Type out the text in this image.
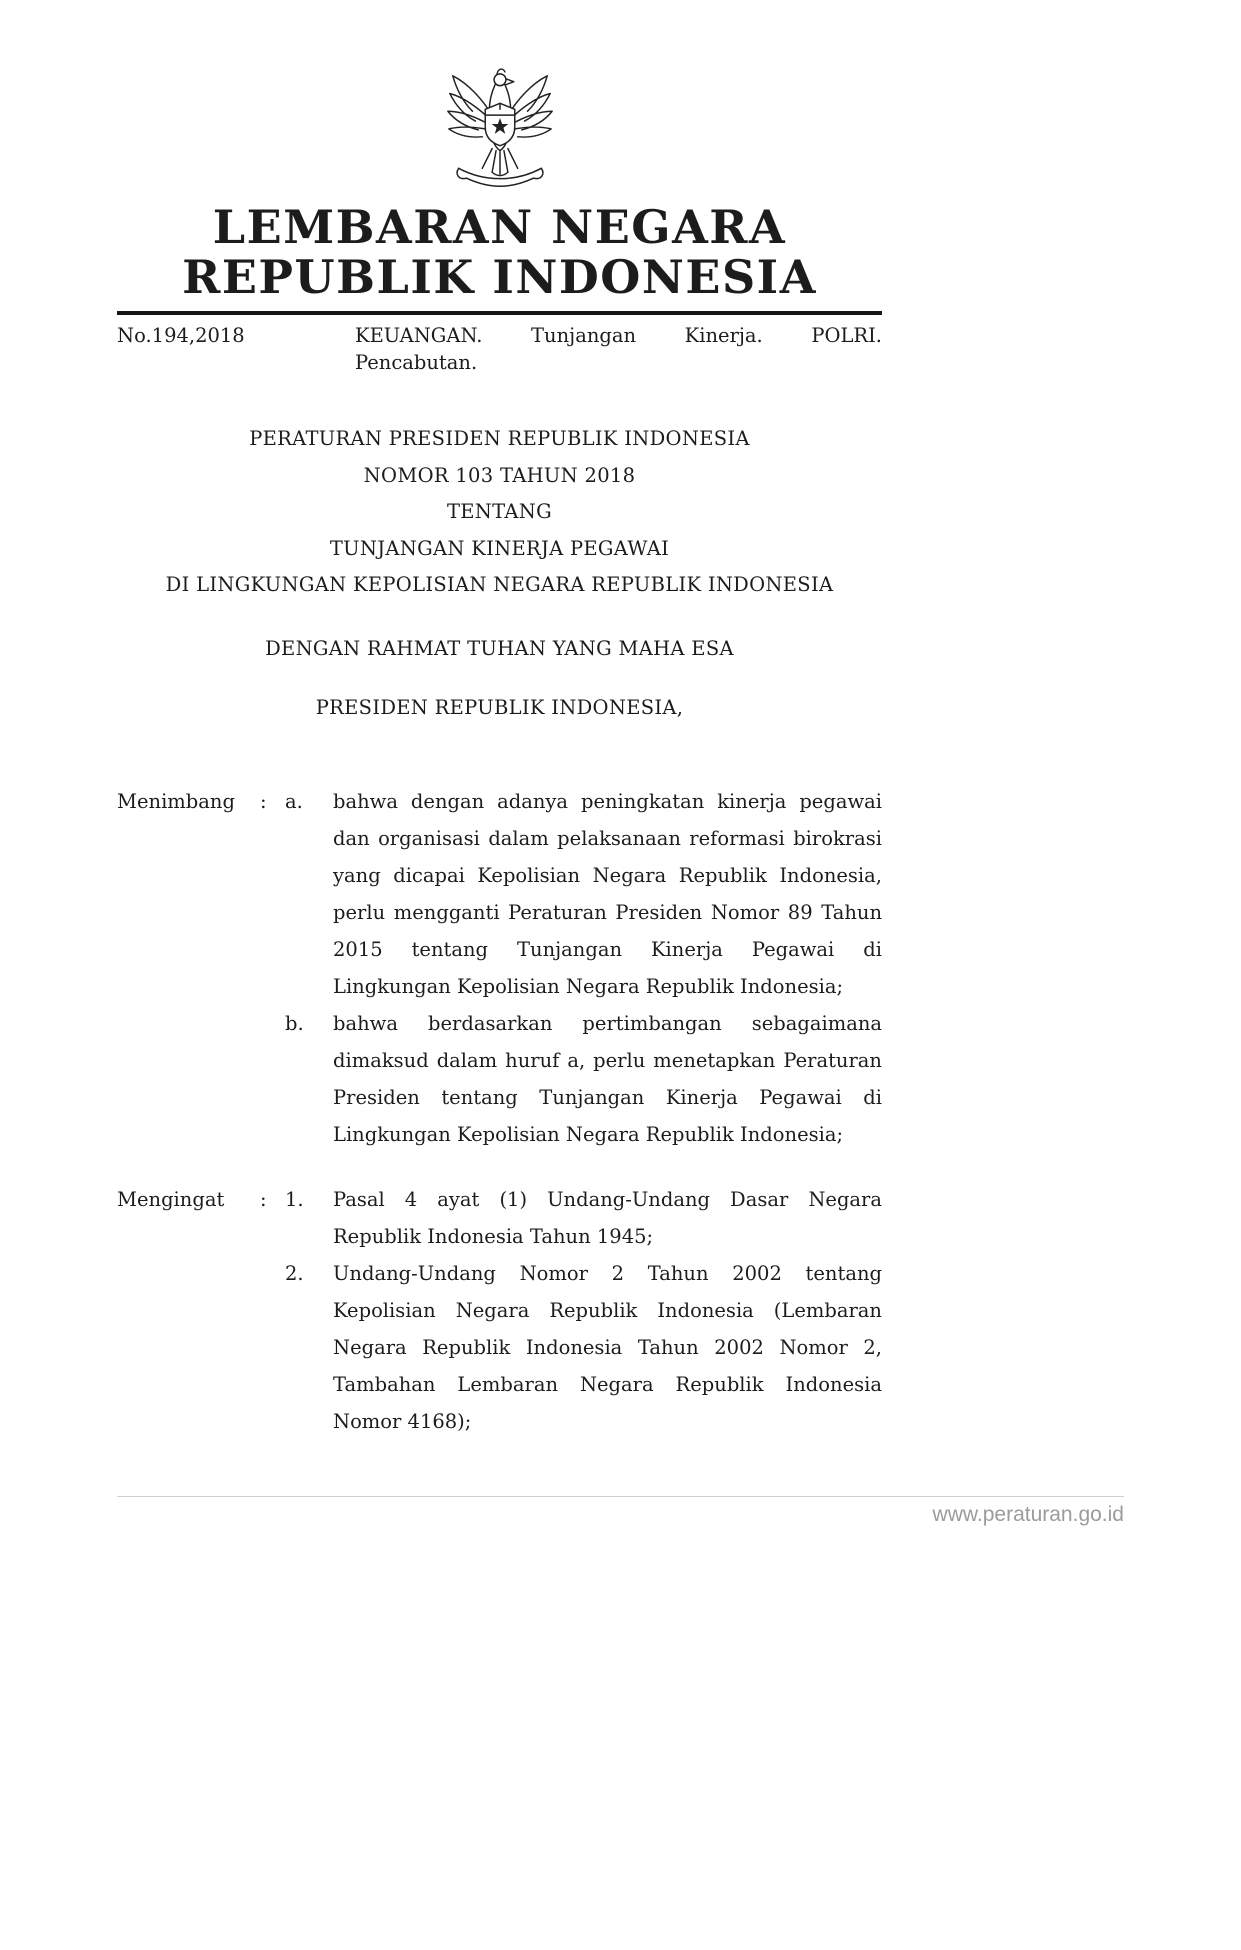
LEMBARAN NEGARA
REPUBLIK INDONESIA
No.194,2018	KEUANGAN. Tunjangan Kinerja. POLRI.
Pencabutan.
PERATURAN PRESIDEN REPUBLIK INDONESIA
NOMOR 103 TAHUN 2018
TENTANG
TUNJANGAN KINERJA PEGAWAI
DI LINGKUNGAN KEPOLISIAN NEGARA REPUBLIK INDONESIA
DENGAN RAHMAT TUHAN YANG MAHA ESA
PRESIDEN REPUBLIK INDONESIA,
Menimbang	: a.	bahwa dengan adanya peningkatan kinerja pegawai dan organisasi dalam pelaksanaan reformasi birokrasi yang dicapai Kepolisian Negara Republik Indonesia, perlu mengganti Peraturan Presiden Nomor 89 Tahun 2015 tentang Tunjangan Kinerja Pegawai di Lingkungan Kepolisian Negara Republik Indonesia;
b.	bahwa berdasarkan pertimbangan sebagaimana dimaksud dalam huruf a, perlu menetapkan Peraturan Presiden tentang Tunjangan Kinerja Pegawai di Lingkungan Kepolisian Negara Republik Indonesia;
Mengingat	: 1.	Pasal 4 ayat (1) Undang-Undang Dasar Negara Republik Indonesia Tahun 1945;
2.	Undang-Undang Nomor 2 Tahun 2002 tentang Kepolisian Negara Republik Indonesia (Lembaran Negara Republik Indonesia Tahun 2002 Nomor 2, Tambahan Lembaran Negara Republik Indonesia Nomor 4168);
www.peraturan.go.id
